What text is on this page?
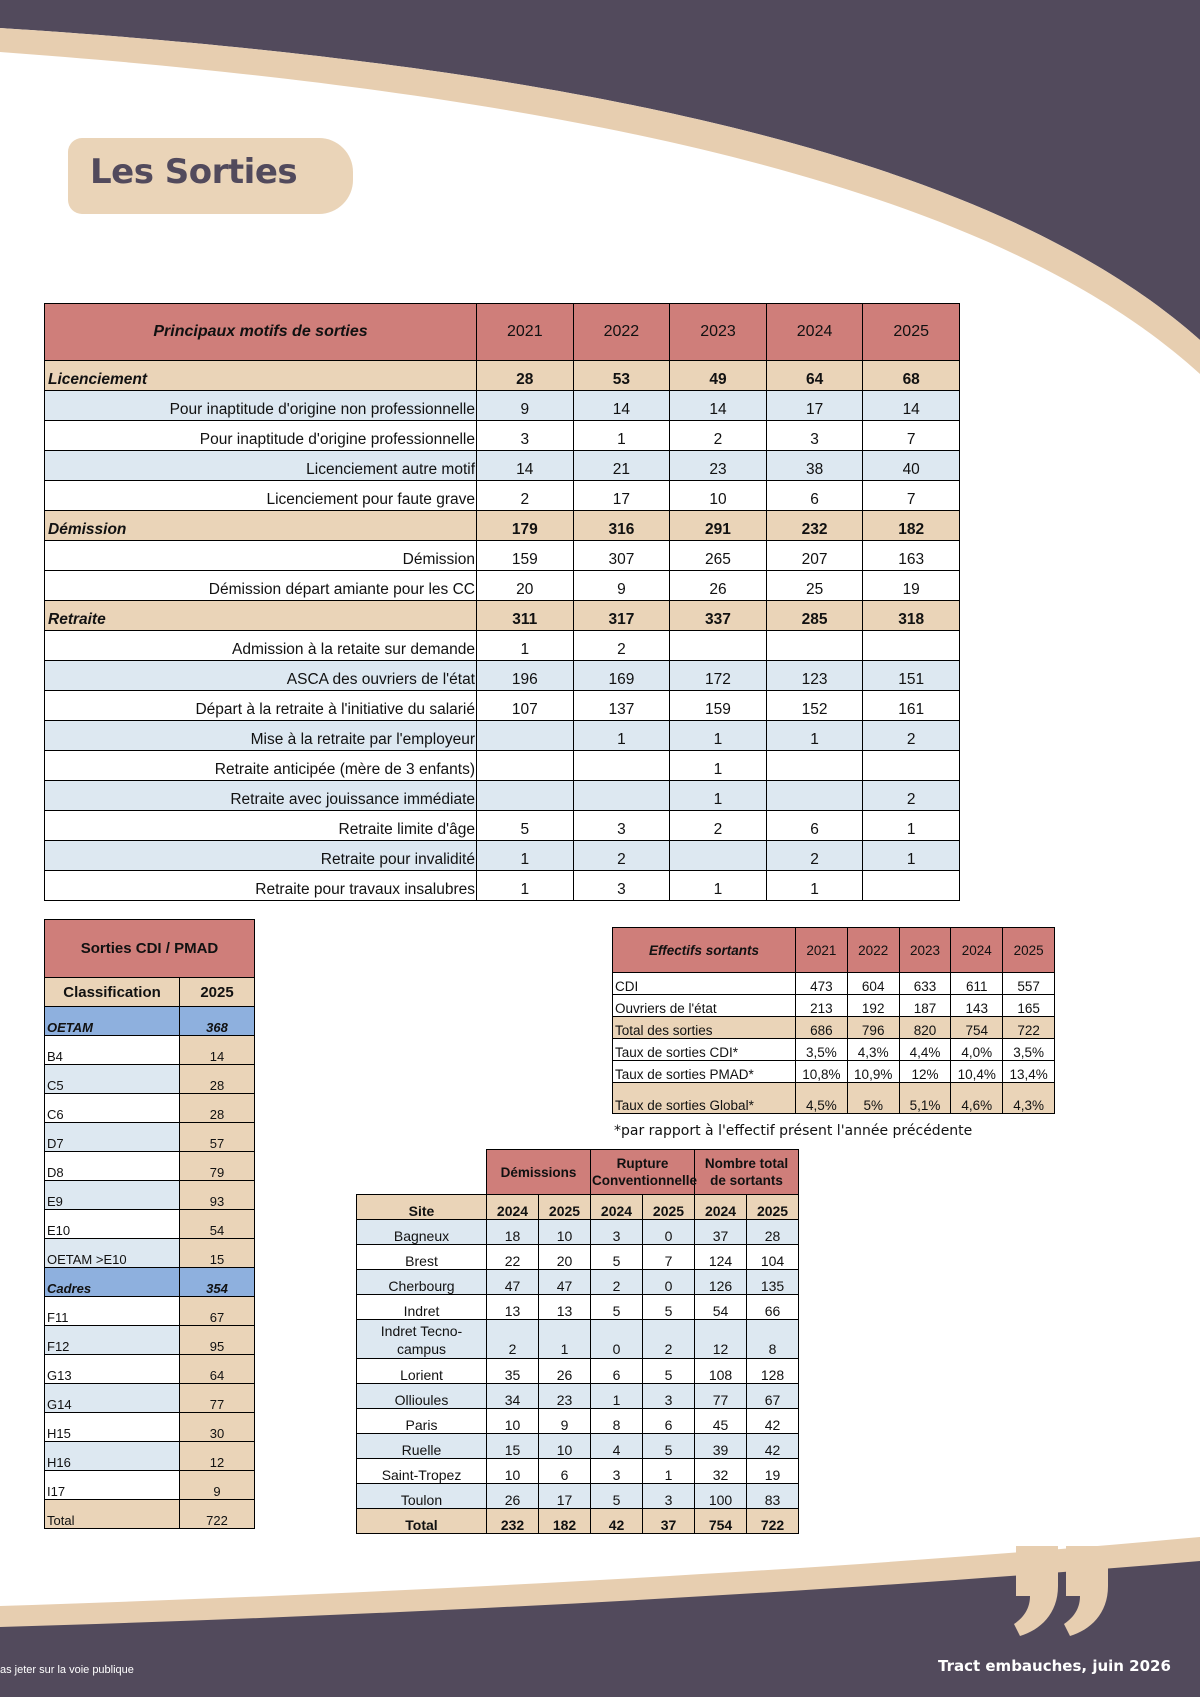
Les Sorties
Principaux motifs de sorties	2021	2022	2023	2024	2025
Licenciement	28	53	49	64	68
Pour inaptitude d'origine non professionnelle	9	14	14	17	14
Pour inaptitude d'origine professionnelle	3	1	2	3	7
Licenciement autre motif	14	21	23	38	40
Licenciement pour faute grave	2	17	10	6	7
Démission	179	316	291	232	182
Démission	159	307	265	207	163
Démission départ amiante pour les CC	20	9	26	25	19
Retraite	311	317	337	285	318
Admission à la retaite sur demande	1	2			
ASCA des ouvriers de l'état	196	169	172	123	151
Départ à la retraite à l'initiative du salarié	107	137	159	152	161
Mise à la retraite par l'employeur		1	1	1	2
Retraite anticipée (mère de 3 enfants)			1		
Retraite avec jouissance immédiate			1		2
Retraite limite d'âge	5	3	2	6	1
Retraite pour invalidité	1	2		2	1
Retraite pour travaux insalubres	1	3	1	1	
Sorties CDI / PMAD	
Classification	2025
OETAM	368
B4	14
C5	28
C6	28
D7	57
D8	79
E9	93
E10	54
OETAM >E10	15
Cadres	354
F11	67
F12	95
G13	64
G14	77
H15	30
H16	12
I17	9
Total	722
Effectifs sortants	2021	2022	2023	2024	2025
CDI	473	604	633	611	557
Ouvriers de l'état	213	192	187	143	165
Total des sorties	686	796	820	754	722
Taux de sorties CDI*	3,5%	4,3%	4,4%	4,0%	3,5%
Taux de sorties PMAD*	10,8%	10,9%	12%	10,4%	13,4%
Taux de sorties Global*	4,5%	5%	5,1%	4,6%	4,3%
*par rapport à l'effectif présent l'année précédente
	Démissions		Rupture Conventionnelle		Nombre total de sortants	
Site	2024	2025	2024	2025	2024	2025
Bagneux	18	10	3	0	37	28
Brest	22	20	5	7	124	104
Cherbourg	47	47	2	0	126	135
Indret	13	13	5	5	54	66
Indret Tecno-campus	2	1	0	2	12	8
Lorient	35	26	6	5	108	128
Ollioules	34	23	1	3	77	67
Paris	10	9	8	6	45	42
Ruelle	15	10	4	5	39	42
Saint-Tropez	10	6	3	1	32	19
Toulon	26	17	5	3	100	83
Total	232	182	42	37	754	722
as jeter sur la voie publique	Tract embauches, juin 2026
